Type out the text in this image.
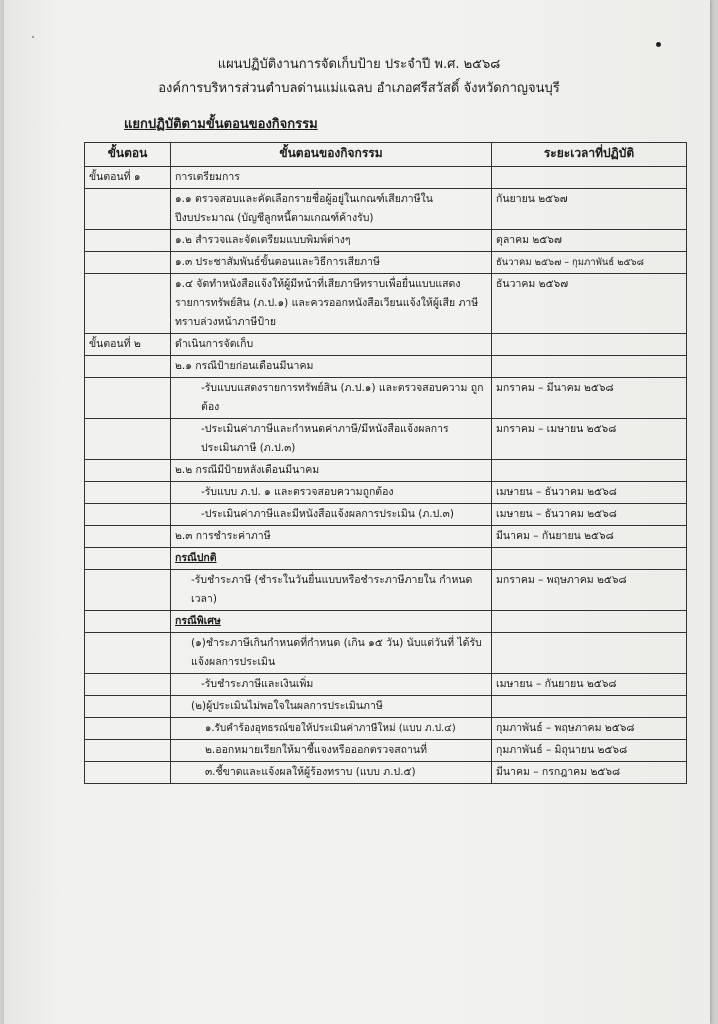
แผนปฏิบัติงานการจัดเก็บป้าย ประจำปี พ.ศ. ๒๕๖๘
องค์การบริหารส่วนตำบลด่านแม่แฉลบ อำเภอศรีสวัสดิ์ จังหวัดกาญจนบุรี
แยกปฏิบัติตามขั้นตอนของกิจกรรม
ขั้นตอน	ขั้นตอนของกิจกรรม	ระยะเวลาที่ปฏิบัติ
ขั้นตอนที่ ๑	การเตรียมการ	
	๑.๑ ตรวจสอบและคัดเลือกรายชื่อผู้อยู่ในเกณฑ์เสียภาษีใน ปีงบประมาณ (บัญชีลูกหนี้ตามเกณฑ์ค้างรับ)	กันยายน ๒๕๖๗
	๑.๒ สำรวจและจัดเตรียมแบบพิมพ์ต่างๆ	ตุลาคม ๒๕๖๗
	๑.๓ ประชาสัมพันธ์ขั้นตอนและวิธีการเสียภาษี	ธันวาคม ๒๕๖๗ – กุมภาพันธ์ ๒๕๖๘
	๑.๔ จัดทำหนังสือแจ้งให้ผู้มีหน้าที่เสียภาษีทราบเพื่อยื่นแบบแสดง รายการทรัพย์สิน (ภ.ป.๑) และควรออกหนังสือเวียนแจ้งให้ผู้เสีย ภาษีทราบล่วงหน้าภาษีป้าย	ธันวาคม ๒๕๖๗
ขั้นตอนที่ ๒	ดำเนินการจัดเก็บ	
	๒.๑ กรณีป้ายก่อนเดือนมีนาคม	
	-รับแบบแสดงรายการทรัพย์สิน (ภ.ป.๑) และตรวจสอบความ ถูกต้อง	มกราคม – มีนาคม ๒๕๖๘
	-ประเมินค่าภาษีและกำหนดค่าภาษี/มีหนังสือแจ้งผลการ ประเมินภาษี (ภ.ป.๓)	มกราคม – เมษายน ๒๕๖๘
	๒.๒ กรณีมีป้ายหลังเดือนมีนาคม	
	-รับแบบ ภ.ป. ๑ และตรวจสอบความถูกต้อง	เมษายน – ธันวาคม ๒๕๖๘
	-ประเมินค่าภาษีและมีหนังสือแจ้งผลการประเมิน (ภ.ป.๓)	เมษายน – ธันวาคม ๒๕๖๘
	๒.๓ การชำระค่าภาษี	มีนาคม – กันยายน ๒๕๖๘
	กรณีปกติ	
	-รับชำระภาษี (ชำระในวันยื่นแบบหรือชำระภาษีภายใน กำหนดเวลา)	มกราคม – พฤษภาคม ๒๕๖๘
	กรณีพิเศษ	
	(๑)ชำระภาษีเกินกำหนดที่กำหนด (เกิน ๑๕ วัน) นับแต่วันที่ ได้รับแจ้งผลการประเมิน	
	-รับชำระภาษีและเงินเพิ่ม	เมษายน – กันยายน ๒๕๖๘
	(๒)ผู้ประเมินไม่พอใจในผลการประเมินภาษี	
	๑.รับคำร้องอุทธรณ์ขอให้ประเมินค่าภาษีใหม่ (แบบ ภ.ป.๔)	กุมภาพันธ์ – พฤษภาคม ๒๕๖๘
	๒.ออกหมายเรียกให้มาชี้แจงหรือออกตรวจสถานที่	กุมภาพันธ์ – มิถุนายน ๒๕๖๘
	๓.ชี้ขาดและแจ้งผลให้ผู้ร้องทราบ (แบบ ภ.ป.๕)	มีนาคม – กรกฎาคม ๒๕๖๘
